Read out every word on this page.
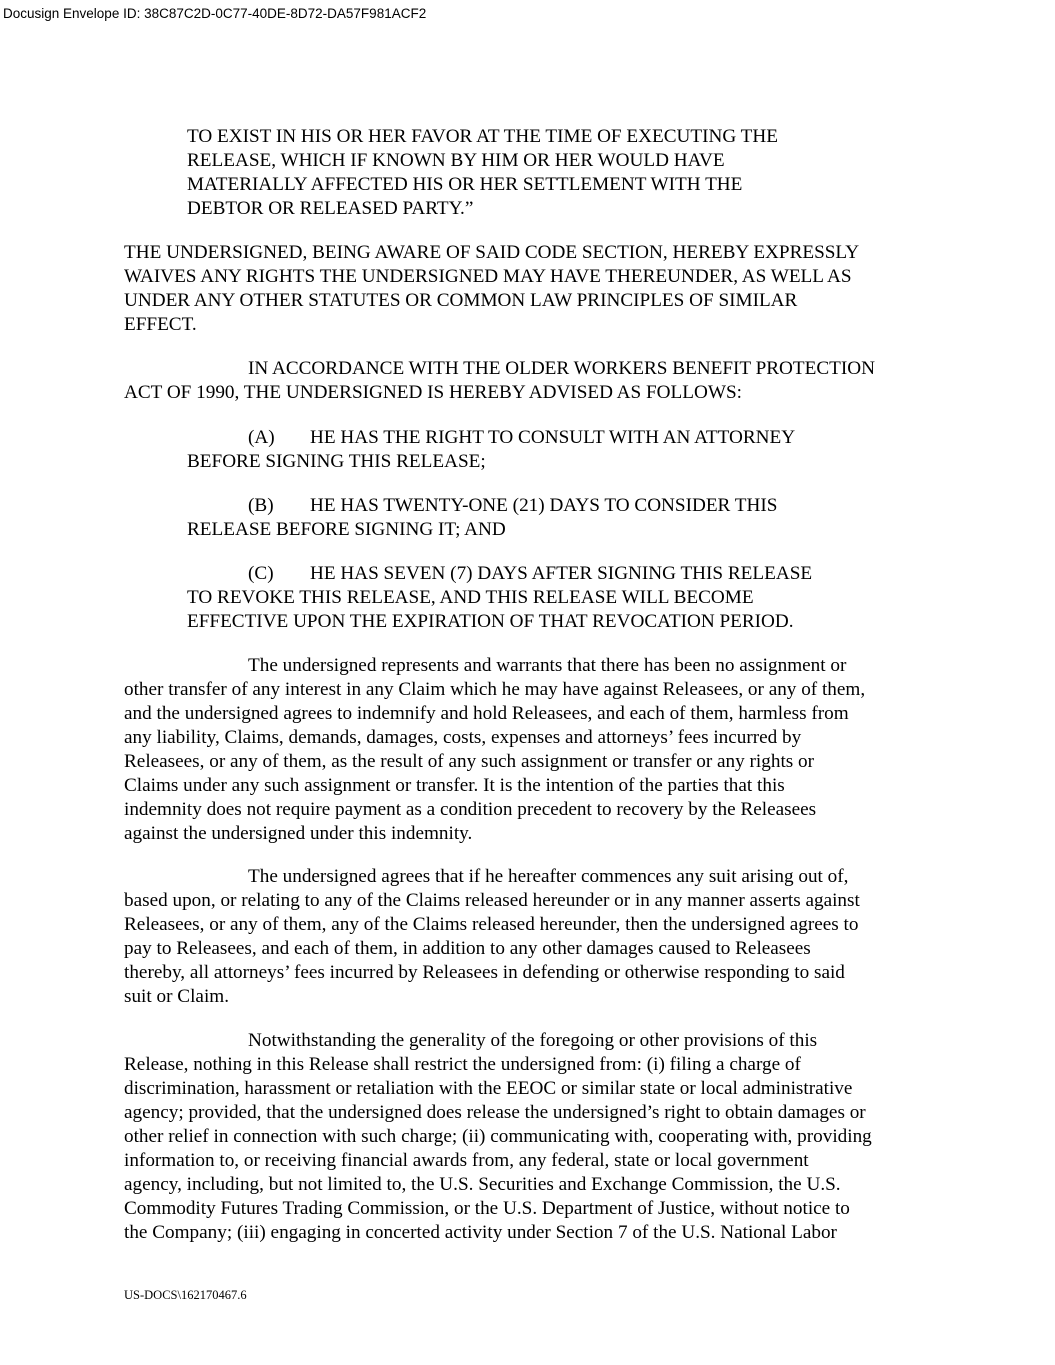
Docusign Envelope ID: 38C87C2D-0C77-40DE-8D72-DA57F981ACF2
TO EXIST IN HIS OR HER FAVOR AT THE TIME OF EXECUTING THE
RELEASE, WHICH IF KNOWN BY HIM OR HER WOULD HAVE
MATERIALLY AFFECTED HIS OR HER SETTLEMENT WITH THE
DEBTOR OR RELEASED PARTY.”
THE UNDERSIGNED, BEING AWARE OF SAID CODE SECTION, HEREBY EXPRESSLY
WAIVES ANY RIGHTS THE UNDERSIGNED MAY HAVE THEREUNDER, AS WELL AS
UNDER ANY OTHER STATUTES OR COMMON LAW PRINCIPLES OF SIMILAR
EFFECT.
IN ACCORDANCE WITH THE OLDER WORKERS BENEFIT PROTECTION
ACT OF 1990, THE UNDERSIGNED IS HEREBY ADVISED AS FOLLOWS:
(A) HE HAS THE RIGHT TO CONSULT WITH AN ATTORNEY
BEFORE SIGNING THIS RELEASE;
(B) HE HAS TWENTY-ONE (21) DAYS TO CONSIDER THIS
RELEASE BEFORE SIGNING IT; AND
(C) HE HAS SEVEN (7) DAYS AFTER SIGNING THIS RELEASE
TO REVOKE THIS RELEASE, AND THIS RELEASE WILL BECOME
EFFECTIVE UPON THE EXPIRATION OF THAT REVOCATION PERIOD.
The undersigned represents and warrants that there has been no assignment or
other transfer of any interest in any Claim which he may have against Releasees, or any of them,
and the undersigned agrees to indemnify and hold Releasees, and each of them, harmless from
any liability, Claims, demands, damages, costs, expenses and attorneys’ fees incurred by
Releasees, or any of them, as the result of any such assignment or transfer or any rights or
Claims under any such assignment or transfer. It is the intention of the parties that this
indemnity does not require payment as a condition precedent to recovery by the Releasees
against the undersigned under this indemnity.
The undersigned agrees that if he hereafter commences any suit arising out of,
based upon, or relating to any of the Claims released hereunder or in any manner asserts against
Releasees, or any of them, any of the Claims released hereunder, then the undersigned agrees to
pay to Releasees, and each of them, in addition to any other damages caused to Releasees
thereby, all attorneys’ fees incurred by Releasees in defending or otherwise responding to said
suit or Claim.
Notwithstanding the generality of the foregoing or other provisions of this
Release, nothing in this Release shall restrict the undersigned from: (i) filing a charge of
discrimination, harassment or retaliation with the EEOC or similar state or local administrative
agency; provided, that the undersigned does release the undersigned’s right to obtain damages or
other relief in connection with such charge; (ii) communicating with, cooperating with, providing
information to, or receiving financial awards from, any federal, state or local government
agency, including, but not limited to, the U.S. Securities and Exchange Commission, the U.S.
Commodity Futures Trading Commission, or the U.S. Department of Justice, without notice to
the Company; (iii) engaging in concerted activity under Section 7 of the U.S. National Labor
US-DOCS\162170467.6
